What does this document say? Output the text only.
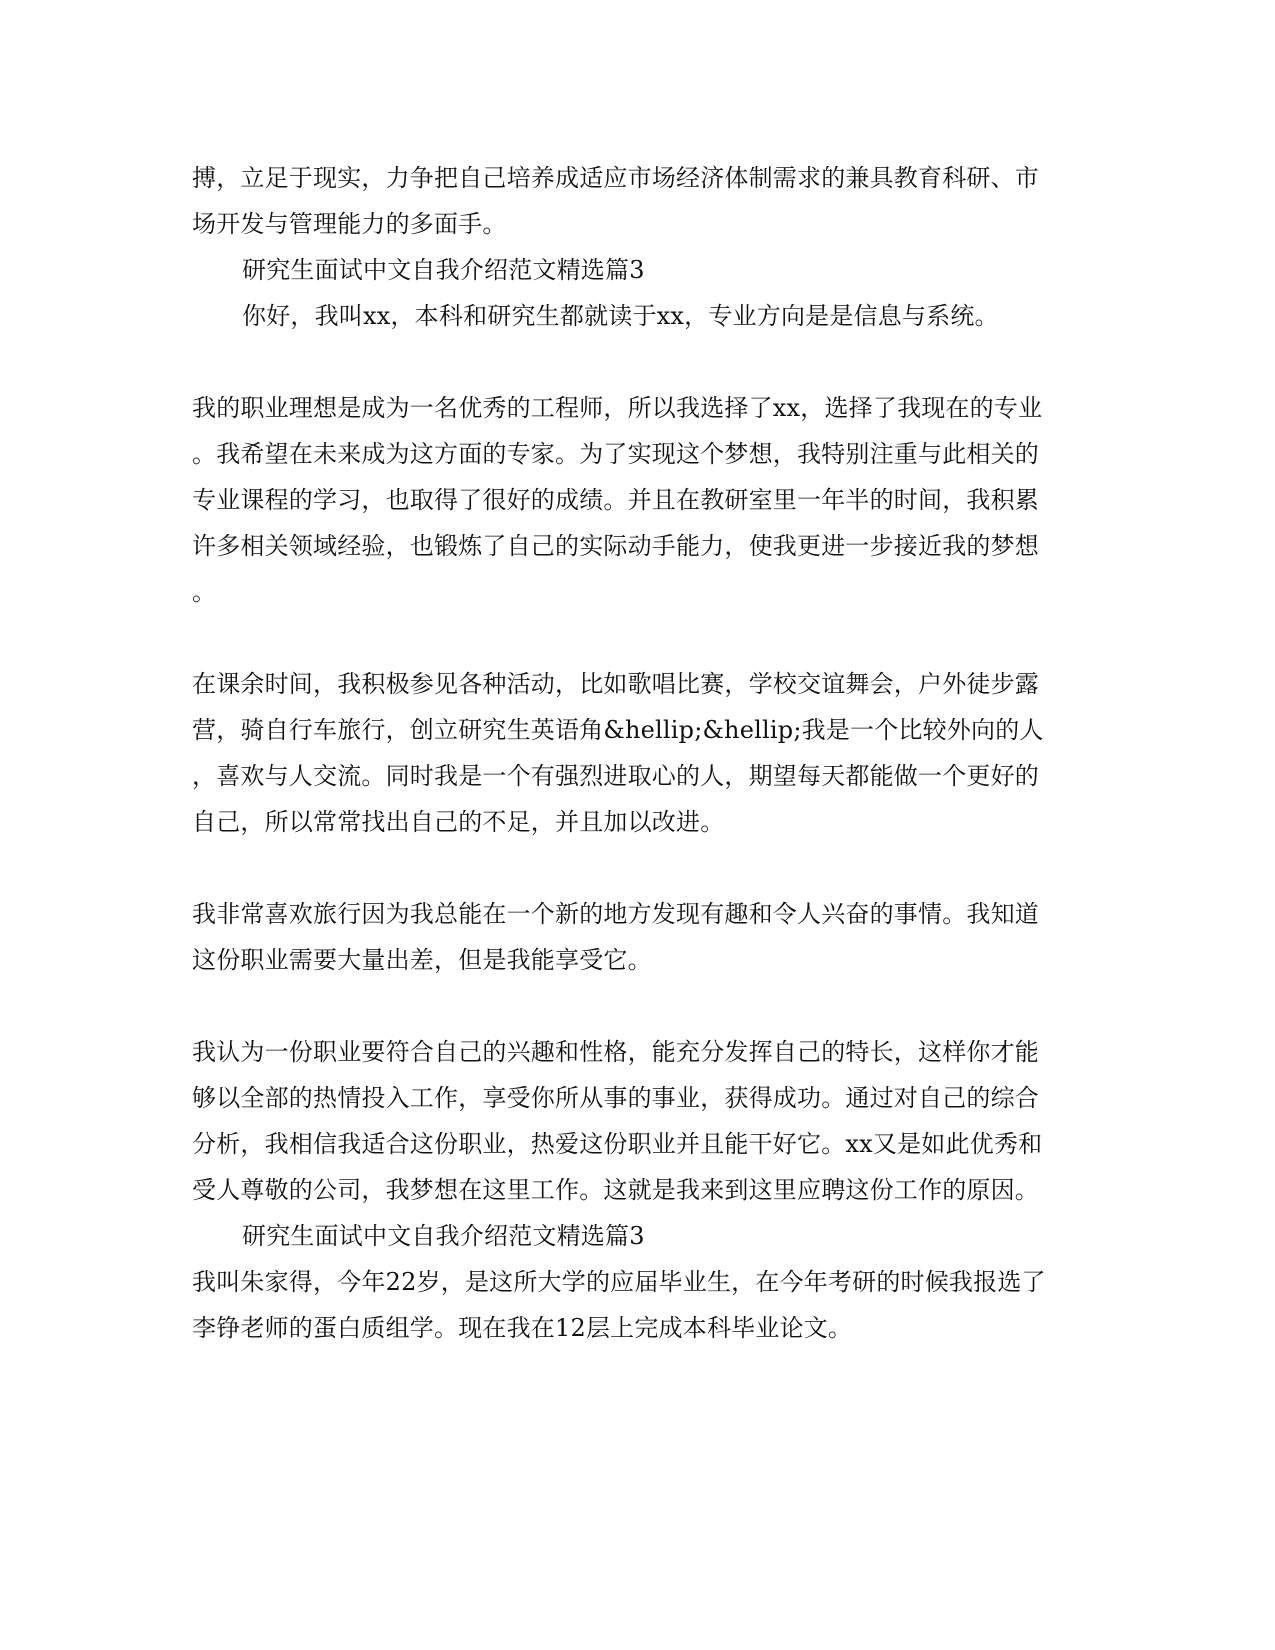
搏，立足于现实，力争把自己培养成适应市场经济体制需求的兼具教育科研、市
场开发与管理能力的多面手。
研究生面试中文自我介绍范文精选篇3
你好，我叫xx，本科和研究生都就读于xx，专业方向是是信息与系统。
我的职业理想是成为一名优秀的工程师，所以我选择了xx，选择了我现在的专业
。我希望在未来成为这方面的专家。为了实现这个梦想，我特别注重与此相关的
专业课程的学习，也取得了很好的成绩。并且在教研室里一年半的时间，我积累
许多相关领域经验，也锻炼了自己的实际动手能力，使我更进一步接近我的梦想
。
在课余时间，我积极参见各种活动，比如歌唱比赛，学校交谊舞会，户外徒步露
营，骑自行车旅行，创立研究生英语角&hellip;&hellip;我是一个比较外向的人
，喜欢与人交流。同时我是一个有强烈进取心的人，期望每天都能做一个更好的
自己，所以常常找出自己的不足，并且加以改进。
我非常喜欢旅行因为我总能在一个新的地方发现有趣和令人兴奋的事情。我知道
这份职业需要大量出差，但是我能享受它。
我认为一份职业要符合自己的兴趣和性格，能充分发挥自己的特长，这样你才能
够以全部的热情投入工作，享受你所从事的事业，获得成功。通过对自己的综合
分析，我相信我适合这份职业，热爱这份职业并且能干好它。xx又是如此优秀和
受人尊敬的公司，我梦想在这里工作。这就是我来到这里应聘这份工作的原因。
研究生面试中文自我介绍范文精选篇3
我叫朱家得，今年22岁，是这所大学的应届毕业生，在今年考研的时候我报选了
李铮老师的蛋白质组学。现在我在12层上完成本科毕业论文。
